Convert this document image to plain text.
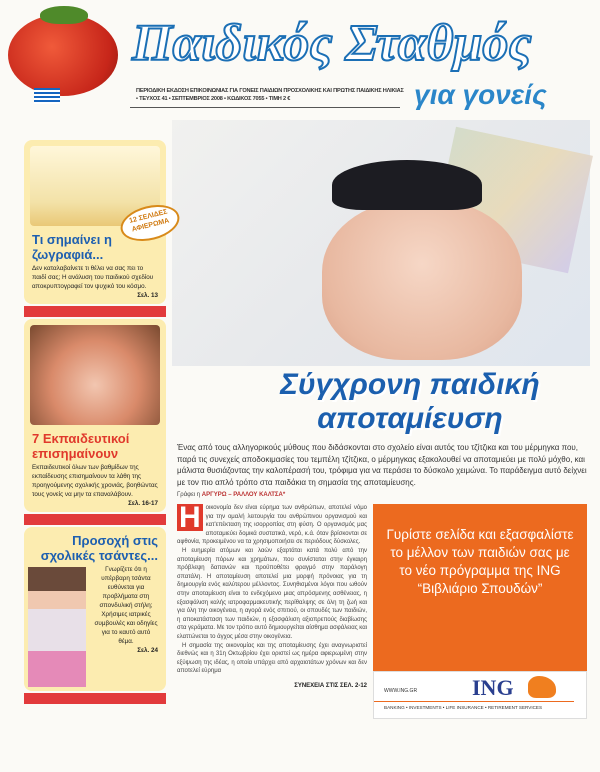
Παιδικός Σταθμός
ΠΕΡΙΟΔΙΚΗ ΕΚΔΟΣΗ ΕΠΙΚΟΙΝΩΝΙΑΣ ΓΙΑ ΓΟΝΕΙΣ ΠΑΙΔΙΩΝ ΠΡΟΣΧΟΛΙΚΗΣ ΚΑΙ ΠΡΩΤΗΣ ΠΑΙΔΙΚΗΣ ΗΛΙΚΙΑΣ
• ΤΕΥΧΟΣ 41 • ΣΕΠΤΕΜΒΡΙΟΣ 2008 • ΚΩΔΙΚΟΣ 7055 • ΤΙΜΗ 2 €	για γονείς
Τι σημαίνει η ζωγραφιά...

Δεν καταλαβαίνετε τι θέλει να σας πει το παιδί σας; Η ανάλυση του παιδικού σχεδίου αποκρυπτογραφεί τον ψυχικό του κόσμο.
Σελ. 13

7 Εκπαιδευτικοί επισημαίνουν

Εκπαιδευτικοί όλων των βαθμίδων της εκπαίδευσης επισημαίνουν τα λάθη της προηγούμενης σχολικής χρονιάς, βοηθώντας τους γονείς να μην τα επαναλάβουν.
Σελ. 16-17

Προσοχή στις σχολικές τσάντες...

Γνωρίζετε ότι η υπέρβαρη τσάντα ευθύνεται για προβλήματα στη σπονδυλική στήλη; Χρήσιμες ιατρικές συμβουλές και οδηγίες για το καυτό αυτό θέμα.

Σελ. 24

12 ΣΕΛΙΔΕΣ ΑΦΙΕΡΩΜΑ
Σύγχρονη παιδική αποταμίευση
Ένας από τους αλληγορικούς μύθους που διδάσκονται στο σχολείο είναι αυτός του τζίτζικα και του μέρμηγκα που, παρά τις συνεχείς αποδοκιμασίες του τεμπέλη τζίτζικα, ο μέρμηγκας εξακολουθεί να αποταμιεύει με πολύ μόχθο, και μάλιστα θυσιάζοντας την καλοπέρασή του, τρόφιμα για να περάσει το δύσκολο χειμώνα. Το παράδειγμα αυτό δείχνει με τον πιο απλό τρόπο στα παιδάκια τη σημασία της αποταμίευσης.
Γράφει η ΑΡΓΥΡΩ – ΡΑΛΛΟΥ ΚΑΛΤΣΑ*
Η οικονομία δεν είναι εύρημα των ανθρώπων, αποτελεί νόμο για την ομαλή λειτουργία του ανθρώπινου οργανισμού και κατ'επέκταση της ισορροπίας στη φύση. Ο οργανισμός μας αποταμιεύει δομικά συστατικά, νερό, κ.ά. όταν βρίσκονται σε αφθονία, προκειμένου να τα χρησιμοποιήσει σε περιόδους δύσκολες.

Η ευημερία ατόμων και λαών εξαρτάται κατά πολύ από την αποταμίευση πόρων και χρημάτων, που συνίσταται στην έγκαιρη πρόβλεψη δαπανών και προϋποθέτει φραγμό στην παράλογη σπατάλη. Η αποταμίευση αποτελεί μια μορφή πρόνοιας για τη δημιουργία ενός καλύτερου μέλλοντος. Συνηθισμένοι λόγοι που ωθούν στην αποταμίευση είναι το ενδεχόμενο μιας απρόσμενης ασθένειας, η εξασφάλιση καλής ιατροφαρμακευτικής περίθαλψης σε όλη τη ζωή και για όλη την οικογένεια, η αγορά ενός σπιτιού, οι σπουδές των παιδιών, η αποκατάσταση των παιδιών, η εξασφάλιση αξιοπρεπούς διαβίωσης στα γεράματα. Με τον τρόπο αυτό δημιουργείται αίσθημα ασφάλειας και ελαττώνεται το άγχος μέσα στην οικογένεια.

Η σημασία της οικονομίας και της αποταμίευσης έχει αναγνωριστεί διεθνώς και η 31η Οκτωβρίου έχει οριστεί ως ημέρα αφιερωμένη στην εξύψωση της ιδέας, η οποία υπάρχει από αρχαιοτάτων χρόνων και δεν αποτελεί εύρημα

ΣΥΝΕΧΕΙΑ ΣΤΙΣ ΣΕΛ. 2-12
Γυρίστε σελίδα και εξασφαλίστε το μέλλον των παιδιών σας με το νέο πρόγραμμα της ING “Βιβλιάριο Σπουδών”
WWW.ING.GR ING
BANKING • INVESTMENTS • LIFE INSURANCE • RETIREMENT SERVICES
